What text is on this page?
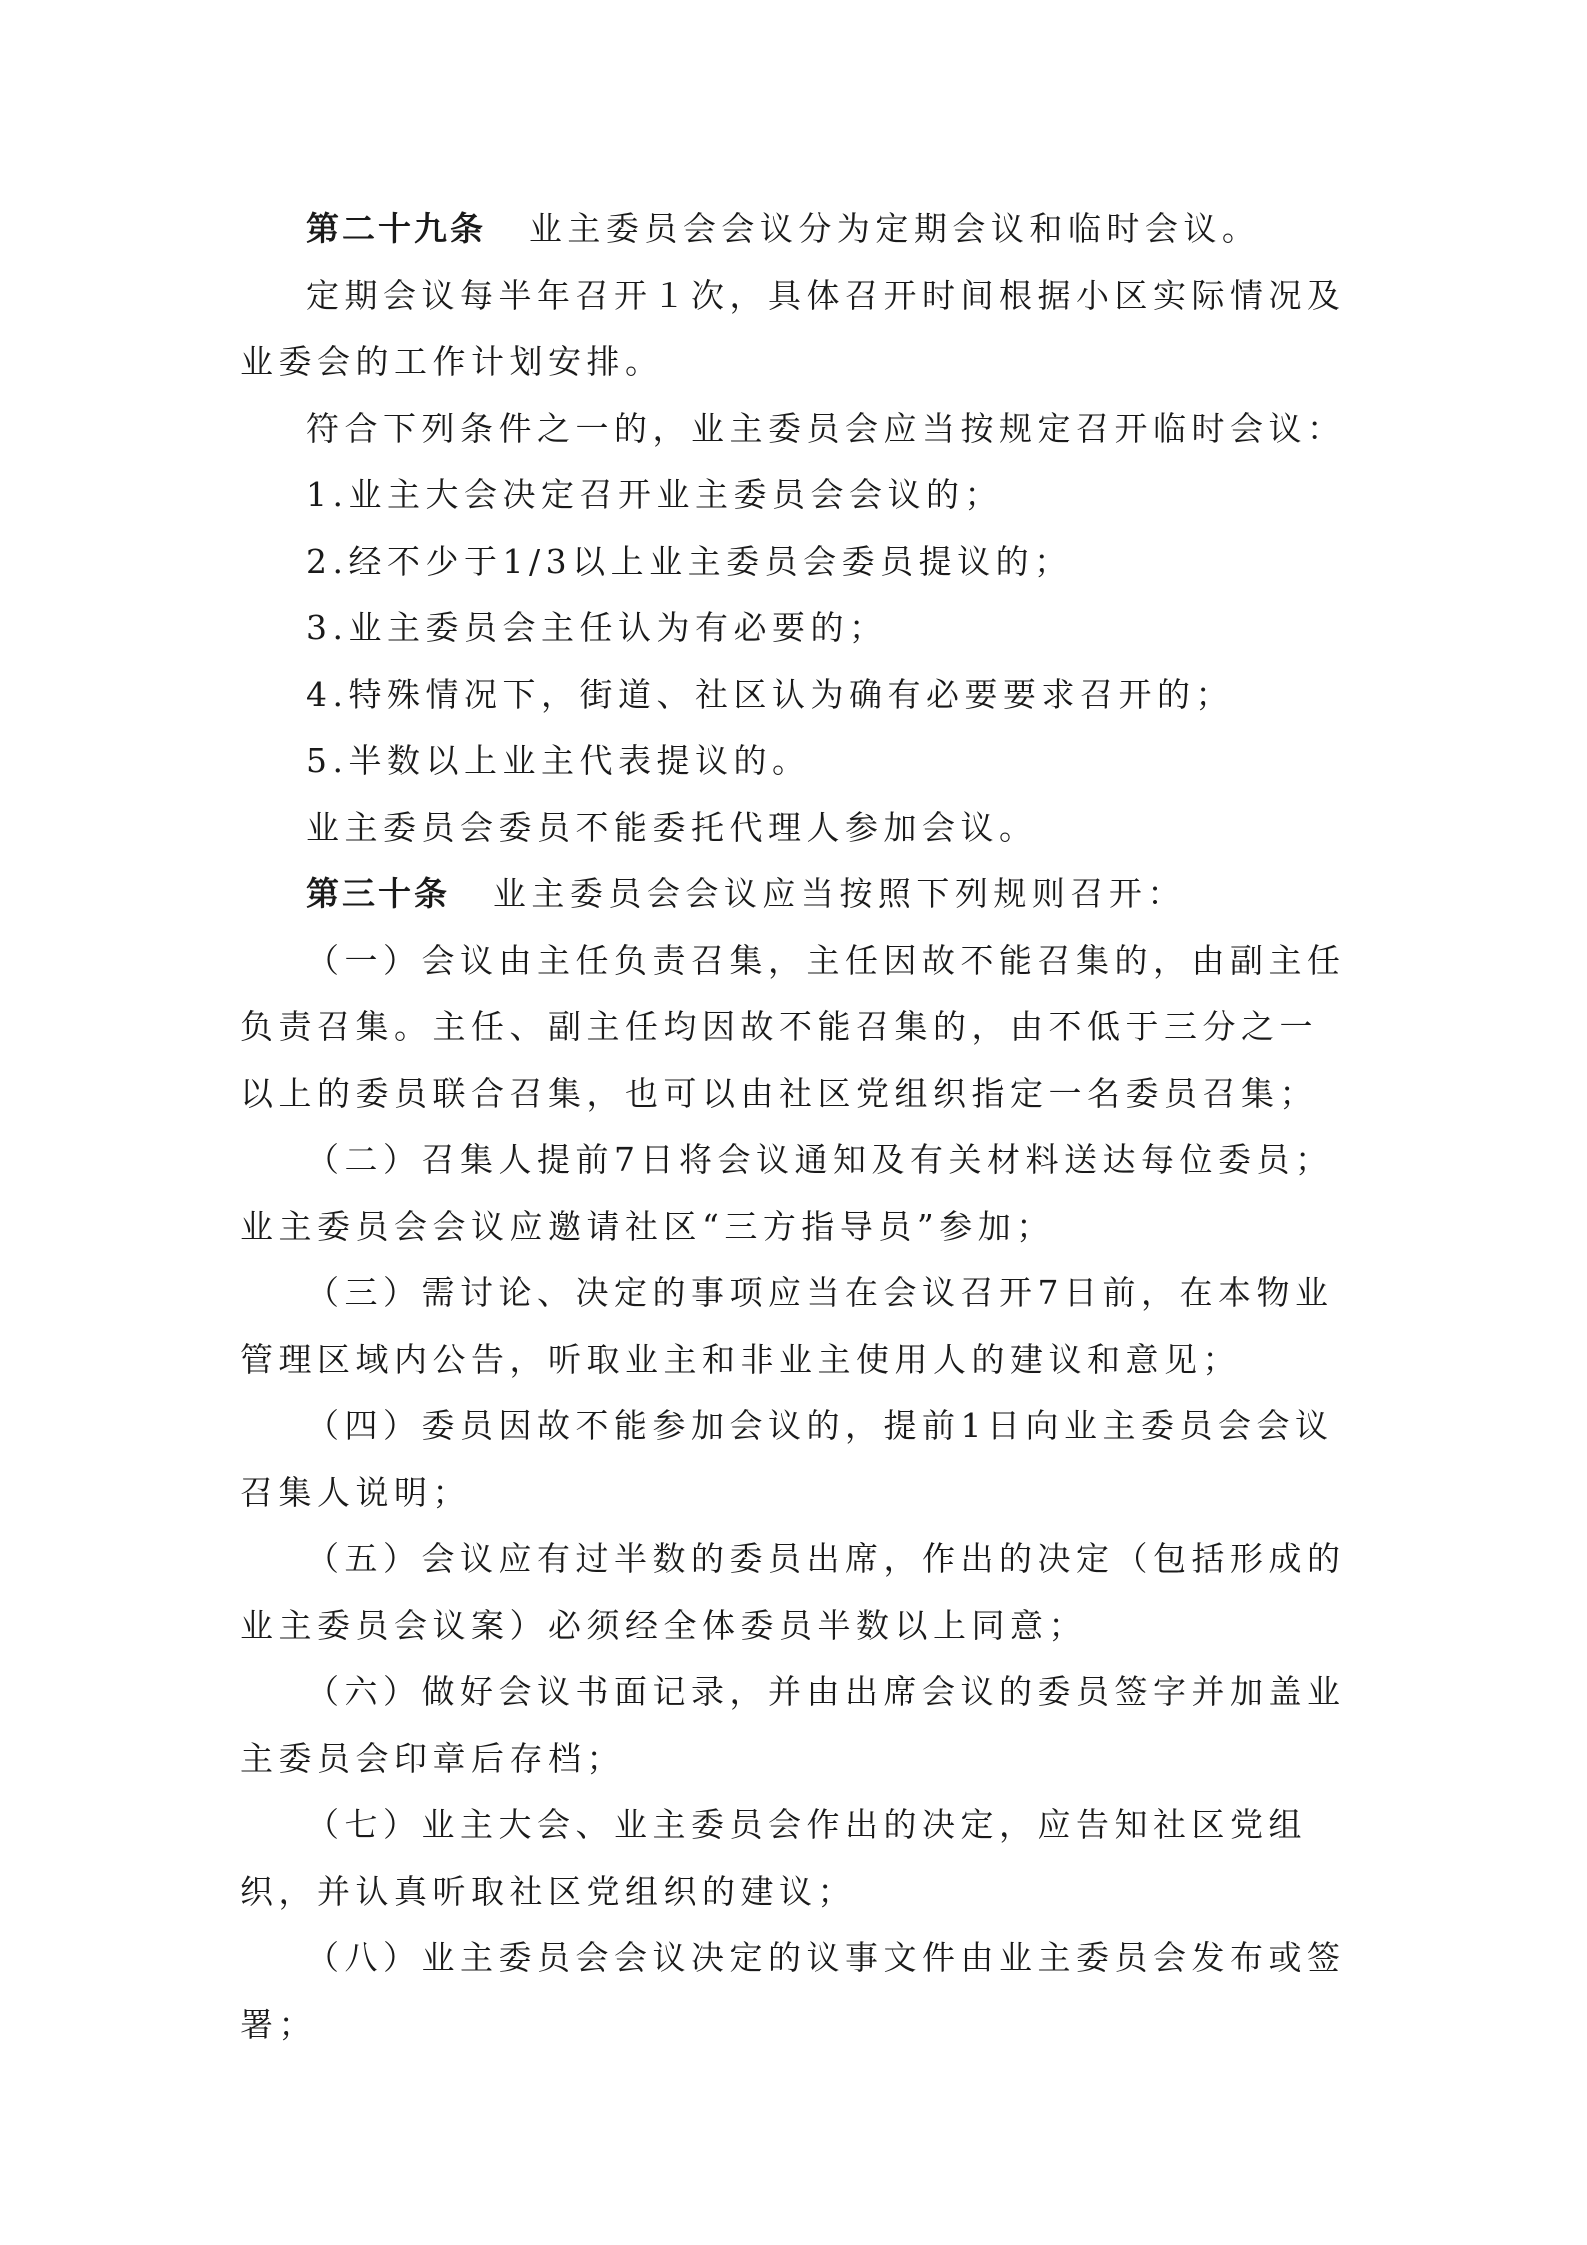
第二十九条 业主委员会会议分为定期会议和临时会议。

定期会议每半年召开１次，具体召开时间根据小区实际情况及业委会的工作计划安排。

符合下列条件之一的，业主委员会应当按规定召开临时会议：

1.业主大会决定召开业主委员会会议的；

2.经不少于1/3以上业主委员会委员提议的；

3.业主委员会主任认为有必要的；

4.特殊情况下，街道、社区认为确有必要要求召开的；

5.半数以上业主代表提议的。

业主委员会委员不能委托代理人参加会议。

第三十条 业主委员会会议应当按照下列规则召开：

（一）会议由主任负责召集，主任因故不能召集的，由副主任负责召集。主任、副主任均因故不能召集的，由不低于三分之一以上的委员联合召集，也可以由社区党组织指定一名委员召集；

（二）召集人提前7日将会议通知及有关材料送达每位委员；业主委员会会议应邀请社区“三方指导员”参加；

（三）需讨论、决定的事项应当在会议召开7日前，在本物业管理区域内公告，听取业主和非业主使用人的建议和意见；

（四）委员因故不能参加会议的，提前1日向业主委员会会议召集人说明；

（五）会议应有过半数的委员出席，作出的决定（包括形成的业主委员会议案）必须经全体委员半数以上同意；

（六）做好会议书面记录，并由出席会议的委员签字并加盖业主委员会印章后存档；

（七）业主大会、业主委员会作出的决定，应告知社区党组织，并认真听取社区党组织的建议；

（八）业主委员会会议决定的议事文件由业主委员会发布或签署；
